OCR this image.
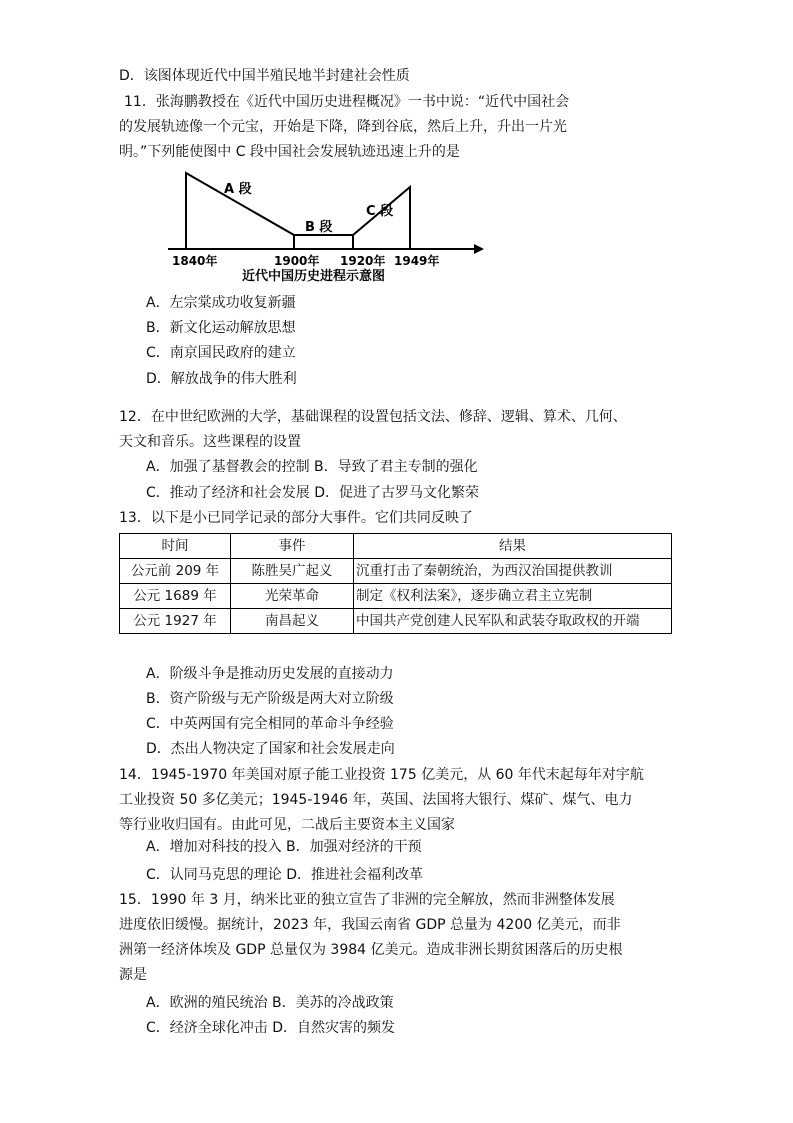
D．该图体现近代中国半殖民地半封建社会性质
11．张海鹏教授在《近代中国历史进程概况》一书中说：“近代中国社会
的发展轨迹像一个元宝，开始是下降，降到谷底，然后上升，升出一片光
明。”下列能使图中 C 段中国社会发展轨迹迅速上升的是
A 段
B 段
C 段
1840年	1900年 1920年 1949年
近代中国历史进程示意图
A．左宗棠成功收复新疆
B．新文化运动解放思想
C．南京国民政府的建立
D．解放战争的伟大胜利
12．在中世纪欧洲的大学，基础课程的设置包括文法、修辞、逻辑、算术、几何、
天文和音乐。这些课程的设置
A．加强了基督教会的控制 B．导致了君主专制的强化
C．推动了经济和社会发展 D．促进了古罗马文化繁荣
13．以下是小已同学记录的部分大事件。它们共同反映了
时间	事件	结果
公元前 209 年	陈胜吴广起义	沉重打击了秦朝统治，为西汉治国提供教训
公元 1689 年	光荣革命	制定《权利法案》，逐步确立君主立宪制
公元 1927 年	南昌起义	中国共产党创建人民军队和武装夺取政权的开端
A．阶级斗争是推动历史发展的直接动力
B．资产阶级与无产阶级是两大对立阶级
C．中英两国有完全相同的革命斗争经验
D．杰出人物决定了国家和社会发展走向
14．1945-1970 年美国对原子能工业投资 175 亿美元，从 60 年代末起每年对宇航
工业投资 50 多亿美元；1945-1946 年，英国、法国将大银行、煤矿、煤气、电力
等行业收归国有。由此可见，二战后主要资本主义国家
A．增加对科技的投入 B．加强对经济的干预
C．认同马克思的理论 D．推进社会福利改革
15．1990 年 3 月，纳米比亚的独立宣告了非洲的完全解放，然而非洲整体发展
进度依旧缓慢。据统计，2023 年，我国云南省 GDP 总量为 4200 亿美元，而非
洲第一经济体埃及 GDP 总量仅为 3984 亿美元。造成非洲长期贫困落后的历史根
源是
A．欧洲的殖民统治 B．美苏的冷战政策
C．经济全球化冲击 D．自然灾害的频发
